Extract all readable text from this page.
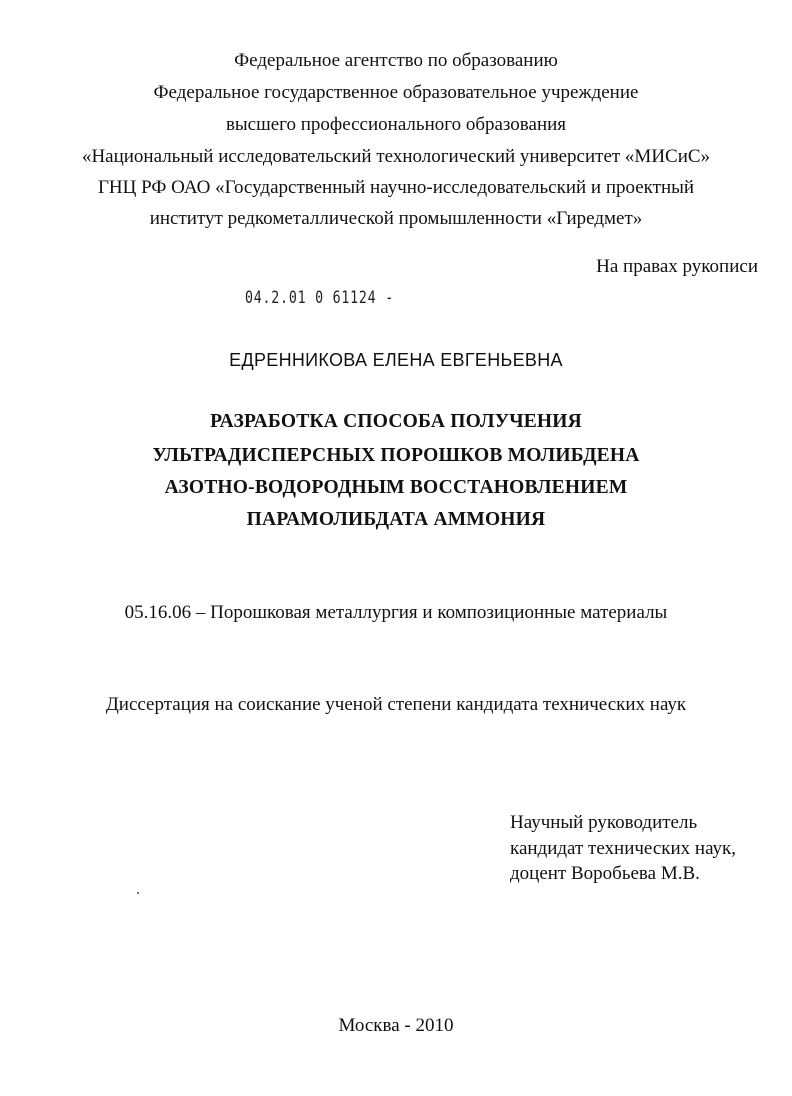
Федеральное агентство по образованию
Федеральное государственное образовательное учреждение
высшего профессионального образования
«Национальный исследовательский технологический университет «МИСиС»
ГНЦ РФ ОАО «Государственный научно-исследовательский и проектный
институт редкометаллической промышленности «Гиредмет»
На правах рукописи
04.2.01 0 61124 -
ЕДРЕННИКОВА ЕЛЕНА ЕВГЕНЬЕВНА
РАЗРАБОТКА СПОСОБА ПОЛУЧЕНИЯ
УЛЬТРАДИСПЕРСНЫХ ПОРОШКОВ МОЛИБДЕНА
АЗОТНО-ВОДОРОДНЫМ ВОССТАНОВЛЕНИЕМ
ПАРАМОЛИБДАТА АММОНИЯ
05.16.06 – Порошковая металлургия и композиционные материалы
Диссертация на соискание ученой степени кандидата технических наук
Научный руководитель
кандидат технических наук,
доцент Воробьева М.В.
Москва - 2010
